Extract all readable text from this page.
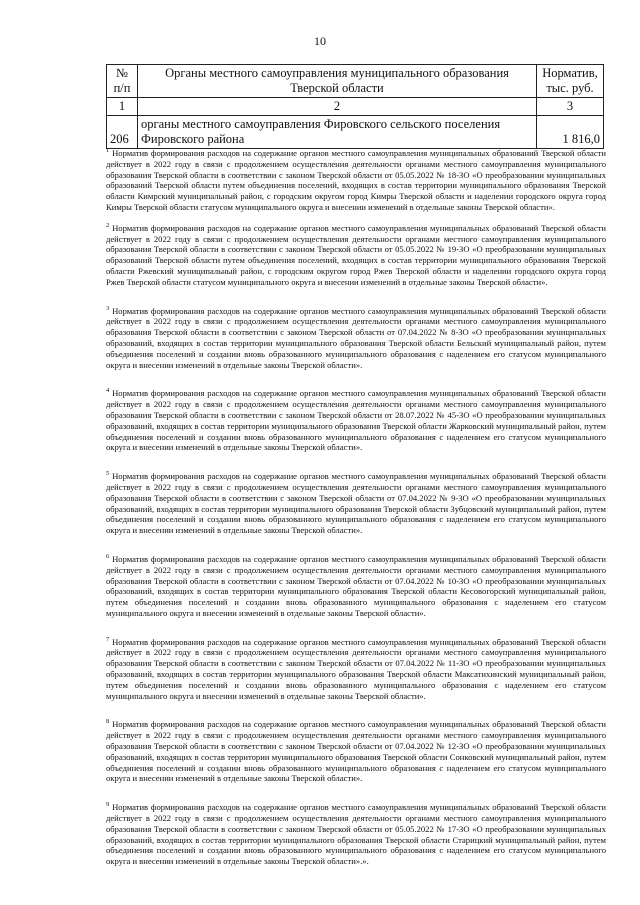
10
№ п/п	Органы местного самоуправления муниципального образования Тверской области	Норматив, тыс. руб.
1	2	3
206	органы местного самоуправления Фировского сельского поселения Фировского района	1 816,0

$^1$ Норматив формирования расходов на содержание органов местного самоуправления муниципальных образований Тверской области действует в 2022 году в связи с продолжением осуществления деятельности органами местного самоуправления муниципального образования Тверской области в соответствии с законом Тверской области от 05.05.2022 № 18-ЗО «О преобразовании муниципальных образований Тверской области путем объединения поселений, входящих в состав территории муниципального образования Тверской области Кимрский муниципальный район, с городским округом город Кимры Тверской области и наделении городского округа город Кимры Тверской области статусом муниципального округа и внесении изменений в отдельные законы Тверской области».

$^2$ Норматив формирования расходов на содержание органов местного самоуправления муниципальных образований Тверской области действует в 2022 году в связи с продолжением осуществления деятельности органами местного самоуправления муниципального образования Тверской области в соответствии с законом Тверской области от 05.05.2022 № 19-ЗО «О преобразовании муниципальных образований Тверской области путем объединения поселений, входящих в состав территории муниципального образования Тверской области Ржевский муниципальный район, с городским округом город Ржев Тверской области и наделении городского округа город Ржев Тверской области статусом муниципального округа и внесении изменений в отдельные законы Тверской области».

$^3$ Норматив формирования расходов на содержание органов местного самоуправления муниципальных образований Тверской области действует в 2022 году в связи с продолжением осуществления деятельности органами местного самоуправления муниципального образования Тверской области в соответствии с законом Тверской области от 07.04.2022 № 8-ЗО «О преобразовании муниципальных образований, входящих в состав территории муниципального образования Тверской области Бельский муниципальный район, путем объединения поселений и создании вновь образованного муниципального образования с наделением его статусом муниципального округа и внесении изменений в отдельные законы Тверской области».

$^4$ Норматив формирования расходов на содержание органов местного самоуправления муниципальных образований Тверской области действует в 2022 году в связи с продолжением осуществления деятельности органами местного самоуправления муниципального образования Тверской области в соответствии с законом Тверской области от 28.07.2022 № 45-ЗО «О преобразовании муниципальных образований, входящих в состав территории муниципального образования Тверской области Жарковский муниципальный район, путем объединения поселений и создании вновь образованного муниципального образования с наделением его статусом муниципального округа и внесении изменений в отдельные законы Тверской области».

$^5$ Норматив формирования расходов на содержание органов местного самоуправления муниципальных образований Тверской области действует в 2022 году в связи с продолжением осуществления деятельности органами местного самоуправления муниципального образования Тверской области в соответствии с законом Тверской области от 07.04.2022 № 9-ЗО «О преобразовании муниципальных образований, входящих в состав территории муниципального образования Тверской области Зубцовский муниципальный район, путем объединения поселений и создании вновь образованного муниципального образования с наделением его статусом муниципального округа и внесении изменений в отдельные законы Тверской области».

$^6$ Норматив формирования расходов на содержание органов местного самоуправления муниципальных образований Тверской области действует в 2022 году в связи с продолжением осуществления деятельности органами местного самоуправления муниципального образования Тверской области в соответствии с законом Тверской области от 07.04.2022 № 10-ЗО «О преобразовании муниципальных образований, входящих в состав территории муниципального образования Тверской области Кесовогорский муниципальный район, путем объединения поселений и создании вновь образованного муниципального образования с наделением его статусом муниципального округа и внесении изменений в отдельные законы Тверской области».

$^7$ Норматив формирования расходов на содержание органов местного самоуправления муниципальных образований Тверской области действует в 2022 году в связи с продолжением осуществления деятельности органами местного самоуправления муниципального образования Тверской области в соответствии с законом Тверской области от 07.04.2022 № 11-ЗО «О преобразовании муниципальных образований, входящих в состав территории муниципального образования Тверской области Максатихинский муниципальный район, путем объединения поселений и создании вновь образованного муниципального образования с наделением его статусом муниципального округа и внесении изменений в отдельные законы Тверской области».

$^8$ Норматив формирования расходов на содержание органов местного самоуправления муниципальных образований Тверской области действует в 2022 году в связи с продолжением осуществления деятельности органами местного самоуправления муниципального образования Тверской области в соответствии с законом Тверской области от 07.04.2022 № 12-ЗО «О преобразовании муниципальных образований, входящих в состав территории муниципального образования Тверской области Сонковский муниципальный район, путем объединения поселений и создании вновь образованного муниципального образования с наделением его статусом муниципального округа и внесении изменений в отдельные законы Тверской области».

$^9$ Норматив формирования расходов на содержание органов местного самоуправления муниципальных образований Тверской области действует в 2022 году в связи с продолжением осуществления деятельности органами местного самоуправления муниципального образования Тверской области в соответствии с законом Тверской области от 05.05.2022 № 17-ЗО «О преобразовании муниципальных образований, входящих в состав территории муниципального образования Тверской области Старицкий муниципальный район, путем объединения поселений и создании вновь образованного муниципального образования с наделением его статусом муниципального округа и внесении изменений в отдельные законы Тверской области».».
